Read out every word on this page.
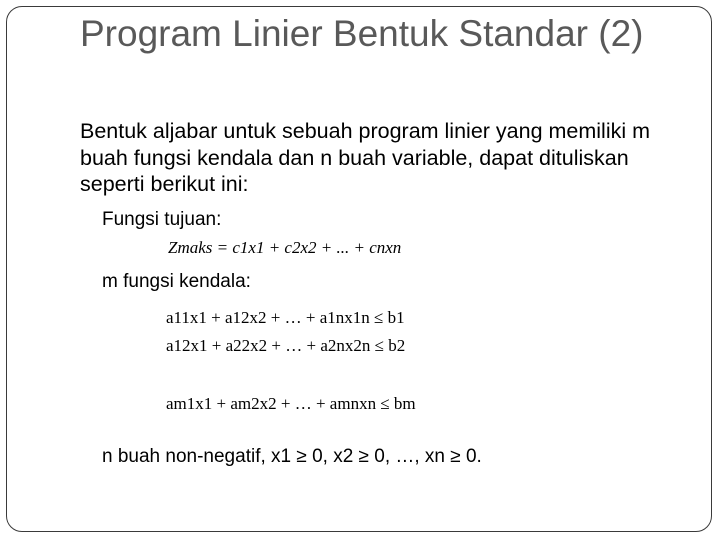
Program Linier Bentuk Standar (2)
Bentuk aljabar untuk sebuah program linier yang memiliki m buah fungsi kendala dan n buah variable, dapat dituliskan seperti berikut ini:
Fungsi tujuan:
Zmaks = c1x1 + c2x2 + ... + cnxn
m fungsi kendala:
a11x1 + a12x2 + … + a1nx1n ≤ b1
a12x1 + a22x2 + … + a2nx2n ≤ b2
am1x1 + am2x2 + … + amnxn ≤ bm
n buah non-negatif, x1 ≥ 0, x2 ≥ 0, …, xn ≥ 0.
